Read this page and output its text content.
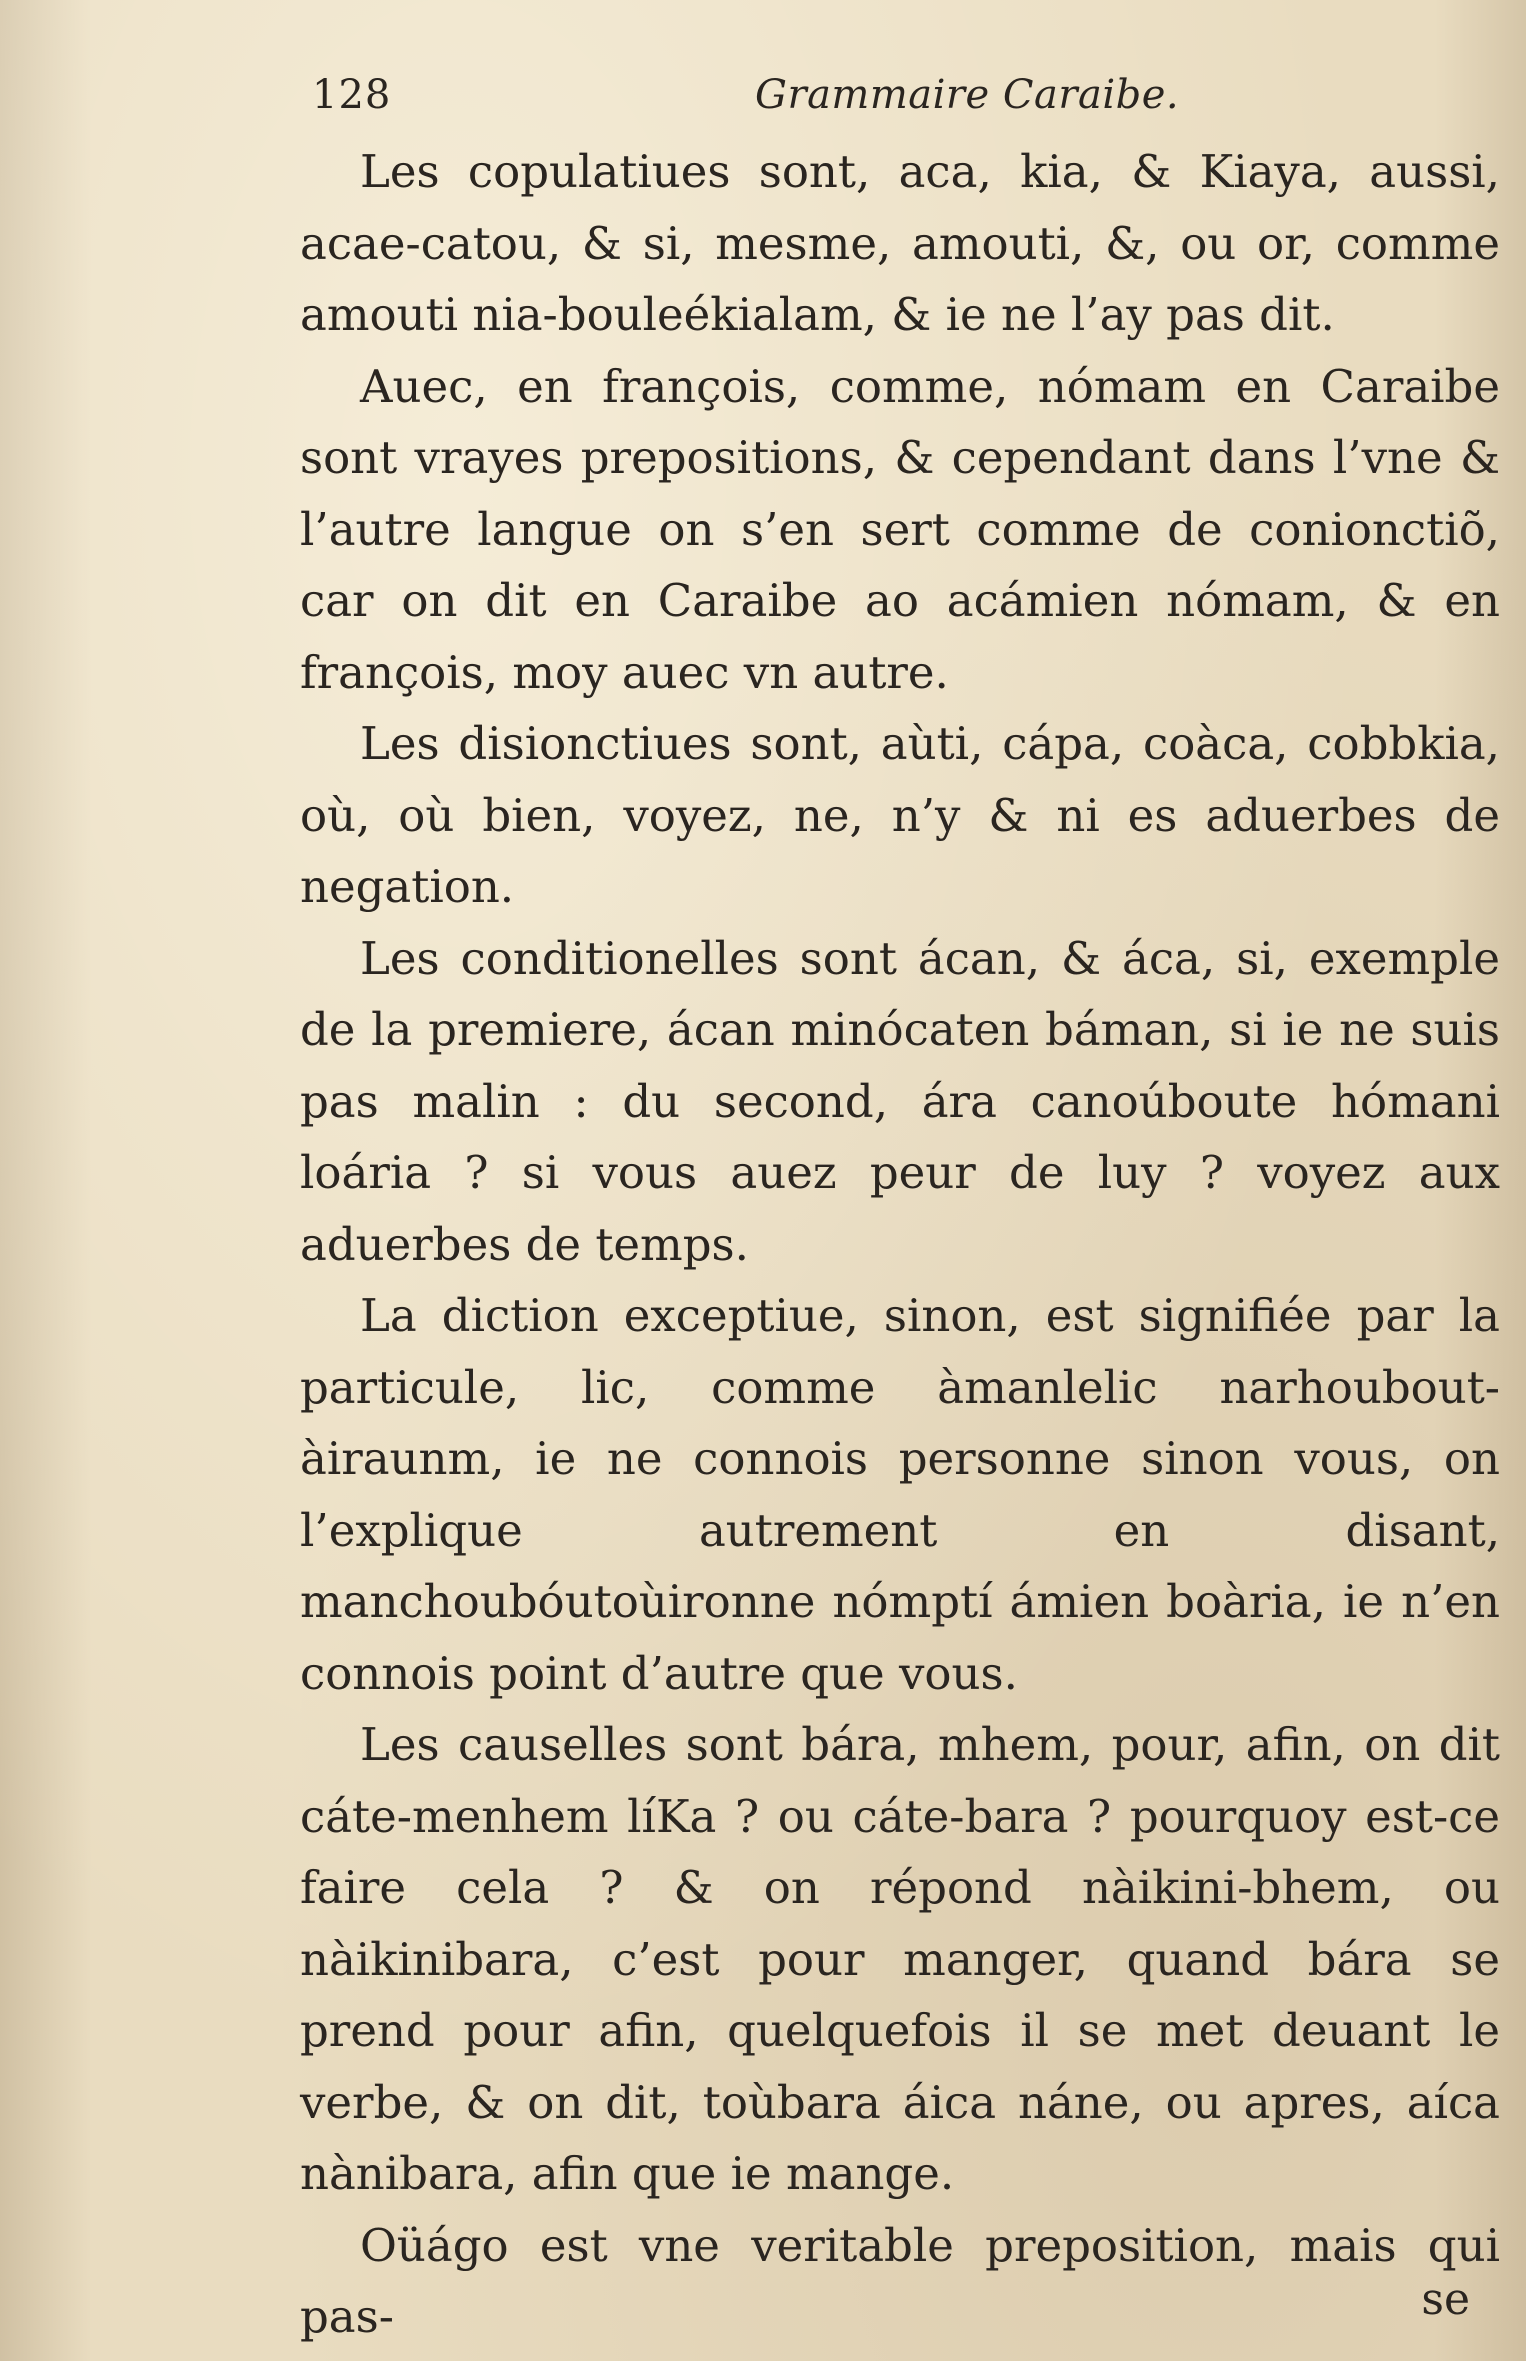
128	Grammaire Caraibe.

Les copulatiues sont, aca, kia, & Kiaya, aussi, acae-catou, & si, mesme, amouti, &, ou or, comme amouti nia-bouleékialam, & ie ne l’ay pas dit.

Auec, en françois, comme, nómam en Caraibe sont vrayes prepositions, & cependant dans l’vne & l’autre langue on s’en sert comme de conionctiõ, car on dit en Caraibe ao acámien nómam, & en françois, moy auec vn autre.

Les disionctiues sont, aùti, cápa, coàca, cobbkia, où, où bien, voyez, ne, n’y & ni es aduerbes de negation.

Les conditionelles sont ácan, & áca, si, exemple de la premiere, ácan minócaten báman, si ie ne suis pas malin : du second, ára canoúboute hómani loária ? si vous auez peur de luy ? voyez aux aduerbes de temps.

La diction exceptiue, sinon, est signifiée par la particule, lic, comme àmanlelic narhoubout-àiraunm, ie ne connois personne sinon vous, on l’explique autrement en disant, manchoubóutoùironne nómptí ámien boària, ie n’en connois point d’autre que vous.

Les causelles sont bára, mhem, pour, afin, on dit cáte-menhem líKa ? ou cáte-bara ? pourquoy est-ce faire cela ? & on répond nàikini-bhem, ou nàikinibara, c’est pour manger, quand bára se prend pour afin, quelquefois il se met deuant le verbe, & on dit, toùbara áica náne, ou apres, aíca nànibara, afin que ie mange.

Oüágo est vne veritable preposition, mais qui pas-	se
